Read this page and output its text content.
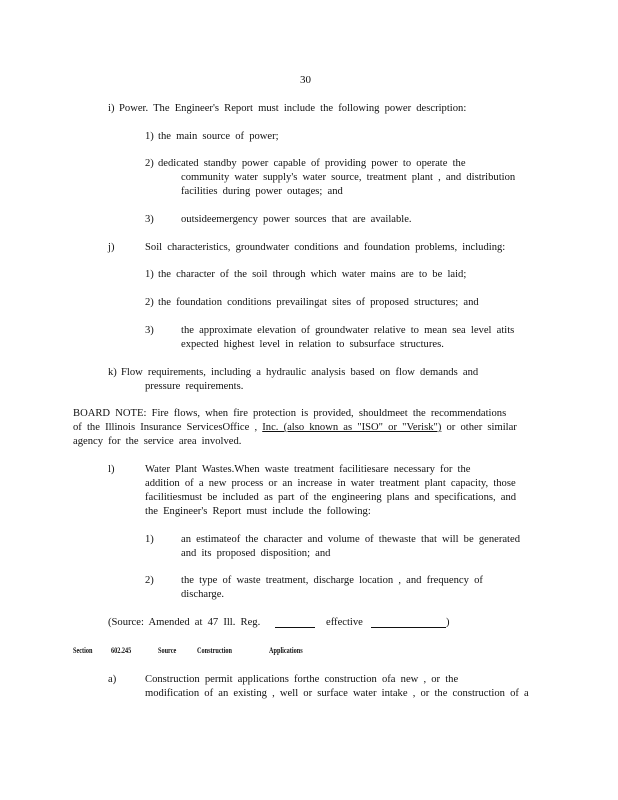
30
i) Power. The Engineer's Report must include the following power description:
1) the main source of power;
2) dedicated standby power capable of providing power to operate the
community water supply's water source, treatment plant , and distribution
facilities during power outages; and
3)	outsideemergency power sources that are available.
j)	Soil characteristics, groundwater conditions and foundation problems, including:
1) the character of the soil through which water mains are to be laid;
2) the foundation conditions prevailingat sites of proposed structures; and
3)	the approximate elevation of groundwater relative to mean sea level atits
expected highest level in relation to subsurface structures.
k) Flow requirements, including a hydraulic analysis based on flow demands and
pressure requirements.
BOARD NOTE: Fire flows, when fire protection is provided, shouldmeet the recommendations
of the Illinois Insurance ServicesOffice , Inc. (also known as "ISO" or "Verisk") or other similar
agency for the service area involved.
l)	Water Plant Wastes.When waste treatment facilitiesare necessary for the
addition of a new process or an increase in water treatment plant capacity, those
facilitiesmust be included as part of the engineering plans and specifications, and
the Engineer's Report must include the following:
1)	an estimateof the character and volume of thewaste that will be generated
and its proposed disposition; and
2)	the type of waste treatment, discharge location , and frequency of
discharge.
(Source: Amended at 47 Ill. Reg.	effective	)
Section 602.245	Source	Construction	Applications
a)	Construction permit applications forthe construction ofa new , or the
modification of an existing , well or surface water intake , or the construction of a
